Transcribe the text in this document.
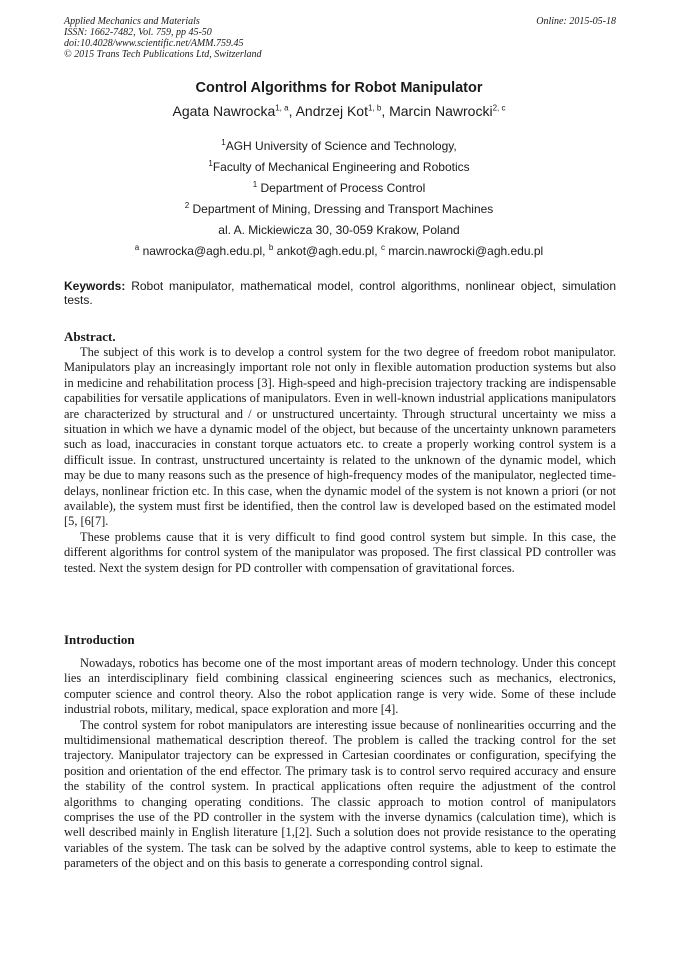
Applied Mechanics and Materials
ISSN: 1662-7482, Vol. 759, pp 45-50
doi:10.4028/www.scientific.net/AMM.759.45
© 2015 Trans Tech Publications Ltd, Switzerland
Online: 2015-05-18
Control Algorithms for Robot Manipulator
Agata Nawrocka$^{1, a}$, Andrzej Kot$^{1, b}$, Marcin Nawrocki$^{2, c}$
$^1$AGH University of Science and Technology,
$^1$Faculty of Mechanical Engineering and Robotics
$^1$ Department of Process Control
$^2$ Department of Mining, Dressing and Transport Machines
al. A. Mickiewicza 30, 30-059 Krakow, Poland
$^a$ nawrocka@agh.edu.pl, $^b$ ankot@agh.edu.pl, $^c$ marcin.nawrocki@agh.edu.pl
Keywords: Robot manipulator, mathematical model, control algorithms, nonlinear object, simulation tests.
Abstract.

The subject of this work is to develop a control system for the two degree of freedom robot manipulator. Manipulators play an increasingly important role not only in flexible automation production systems but also in medicine and rehabilitation process [3]. High-speed and high-precision trajectory tracking are indispensable capabilities for versatile applications of manipulators. Even in well-known industrial applications manipulators are characterized by structural and / or unstructured uncertainty. Through structural uncertainty we miss a situation in which we have a dynamic model of the object, but because of the uncertainty unknown parameters such as load, inaccuracies in constant torque actuators etc. to create a properly working control system is a difficult issue. In contrast, unstructured uncertainty is related to the unknown of the dynamic model, which may be due to many reasons such as the presence of high-frequency modes of the manipulator, neglected time-delays, nonlinear friction etc. In this case, when the dynamic model of the system is not known a priori (or not available), the system must first be identified, then the control law is developed based on the estimated model [5, [6[7].

These problems cause that it is very difficult to find good control system but simple. In this case, the different algorithms for control system of the manipulator was proposed. The first classical PD controller was tested. Next the system design for PD controller with compensation of gravitational forces.

Introduction

Nowadays, robotics has become one of the most important areas of modern technology. Under this concept lies an interdisciplinary field combining classical engineering sciences such as mechanics, electronics, computer science and control theory. Also the robot application range is very wide. Some of these include industrial robots, military, medical, space exploration and more [4].

The control system for robot manipulators are interesting issue because of nonlinearities occurring and the multidimensional mathematical description thereof. The problem is called the tracking control for the set trajectory. Manipulator trajectory can be expressed in Cartesian coordinates or configuration, specifying the position and orientation of the end effector. The primary task is to control servo required accuracy and ensure the stability of the control system. In practical applications often require the adjustment of the control algorithms to changing operating conditions. The classic approach to motion control of manipulators comprises the use of the PD controller in the system with the inverse dynamics (calculation time), which is well described mainly in English literature [1,[2]. Such a solution does not provide resistance to the operating variables of the system. The task can be solved by the adaptive control systems, able to keep to estimate the parameters of the object and on this basis to generate a corresponding control signal.
